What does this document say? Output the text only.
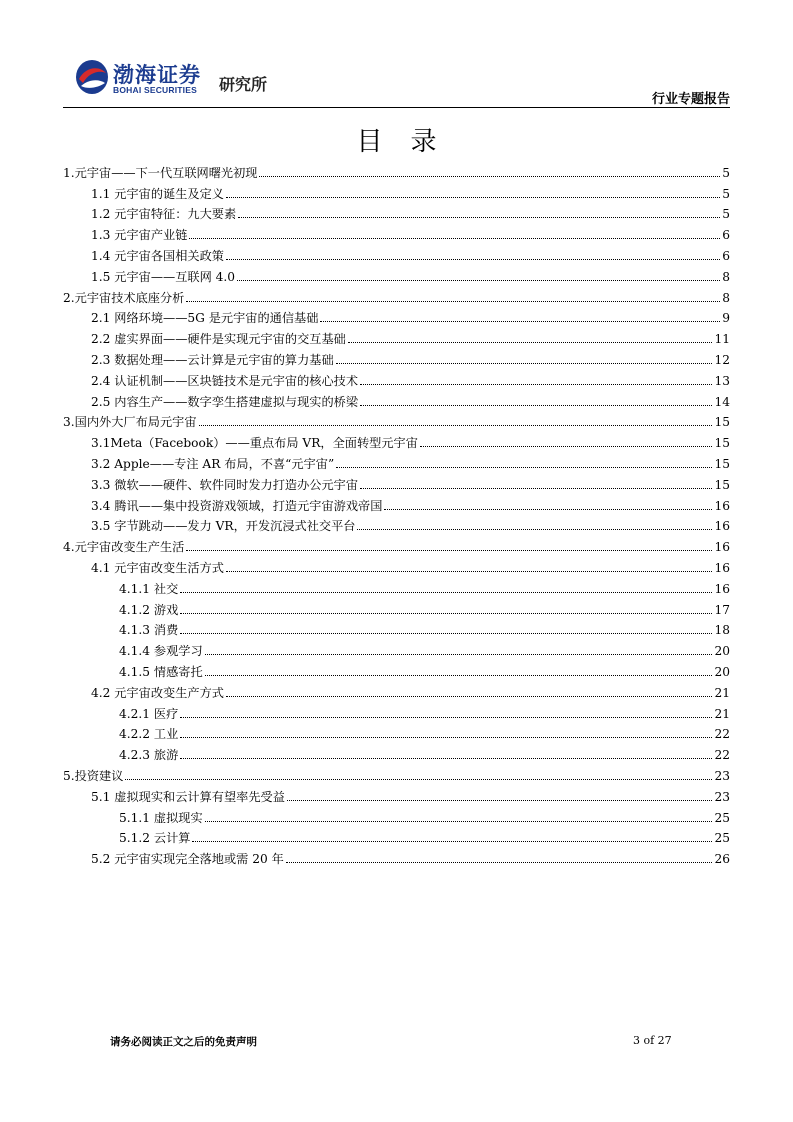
渤海证券
BOHAI SECURITIES 研究所
行业专题报告
目录
1.元宇宙——下一代互联网曙光初现	5
1.1 元宇宙的诞生及定义	5
1.2 元宇宙特征：九大要素	5
1.3 元宇宙产业链	6
1.4 元宇宙各国相关政策	6
1.5 元宇宙——互联网 4.0	8
2.元宇宙技术底座分析	8
2.1 网络环境——5G 是元宇宙的通信基础	9
2.2 虚实界面——硬件是实现元宇宙的交互基础	11
2.3 数据处理——云计算是元宇宙的算力基础	12
2.4 认证机制——区块链技术是元宇宙的核心技术	13
2.5 内容生产——数字孪生搭建虚拟与现实的桥梁	14
3.国内外大厂布局元宇宙	15
3.1Meta（Facebook）——重点布局 VR，全面转型元宇宙	15
3.2 Apple——专注 AR 布局，不喜“元宇宙”	15
3.3 微软——硬件、软件同时发力打造办公元宇宙	15
3.4 腾讯——集中投资游戏领域，打造元宇宙游戏帝国	16
3.5 字节跳动——发力 VR，开发沉浸式社交平台	16
4.元宇宙改变生产生活	16
4.1 元宇宙改变生活方式	16
4.1.1 社交	16
4.1.2 游戏	17
4.1.3 消费	18
4.1.4 参观学习	20
4.1.5 情感寄托	20
4.2 元宇宙改变生产方式	21
4.2.1 医疗	21
4.2.2 工业	22
4.2.3 旅游	22
5.投资建议	23
5.1 虚拟现实和云计算有望率先受益	23
5.1.1 虚拟现实	25
5.1.2 云计算	25
5.2 元宇宙实现完全落地或需 20 年	26
请务必阅读正文之后的免责声明	3 of 27
